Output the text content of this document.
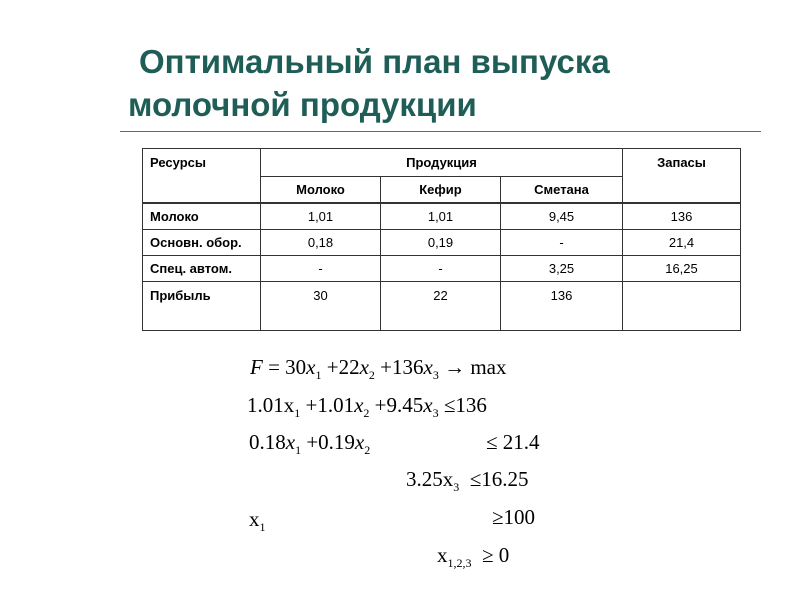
Оптимальный план выпуска
молочной продукции
Ресурсы	Продукция			Запасы
	Молоко	Кефир	Сметана	
Молоко	1,01	1,01	9,45	136
Основн. обор.	0,18	0,19	-	21,4
Спец. автом.	-	-	3,25	16,25
Прибыль	30	22	136	
$F = 30x_1 +22x_2 +136x_3 \to \max$
$1.01x_1 +1.01x_2 +9.45x_3 \le 136$
$0.18x_1 +0.19x_2$	≤ 21.4
$3.25x_3 \le 16.25$
$x_1$	≥100
$x_{1,2,3} \ge 0$
